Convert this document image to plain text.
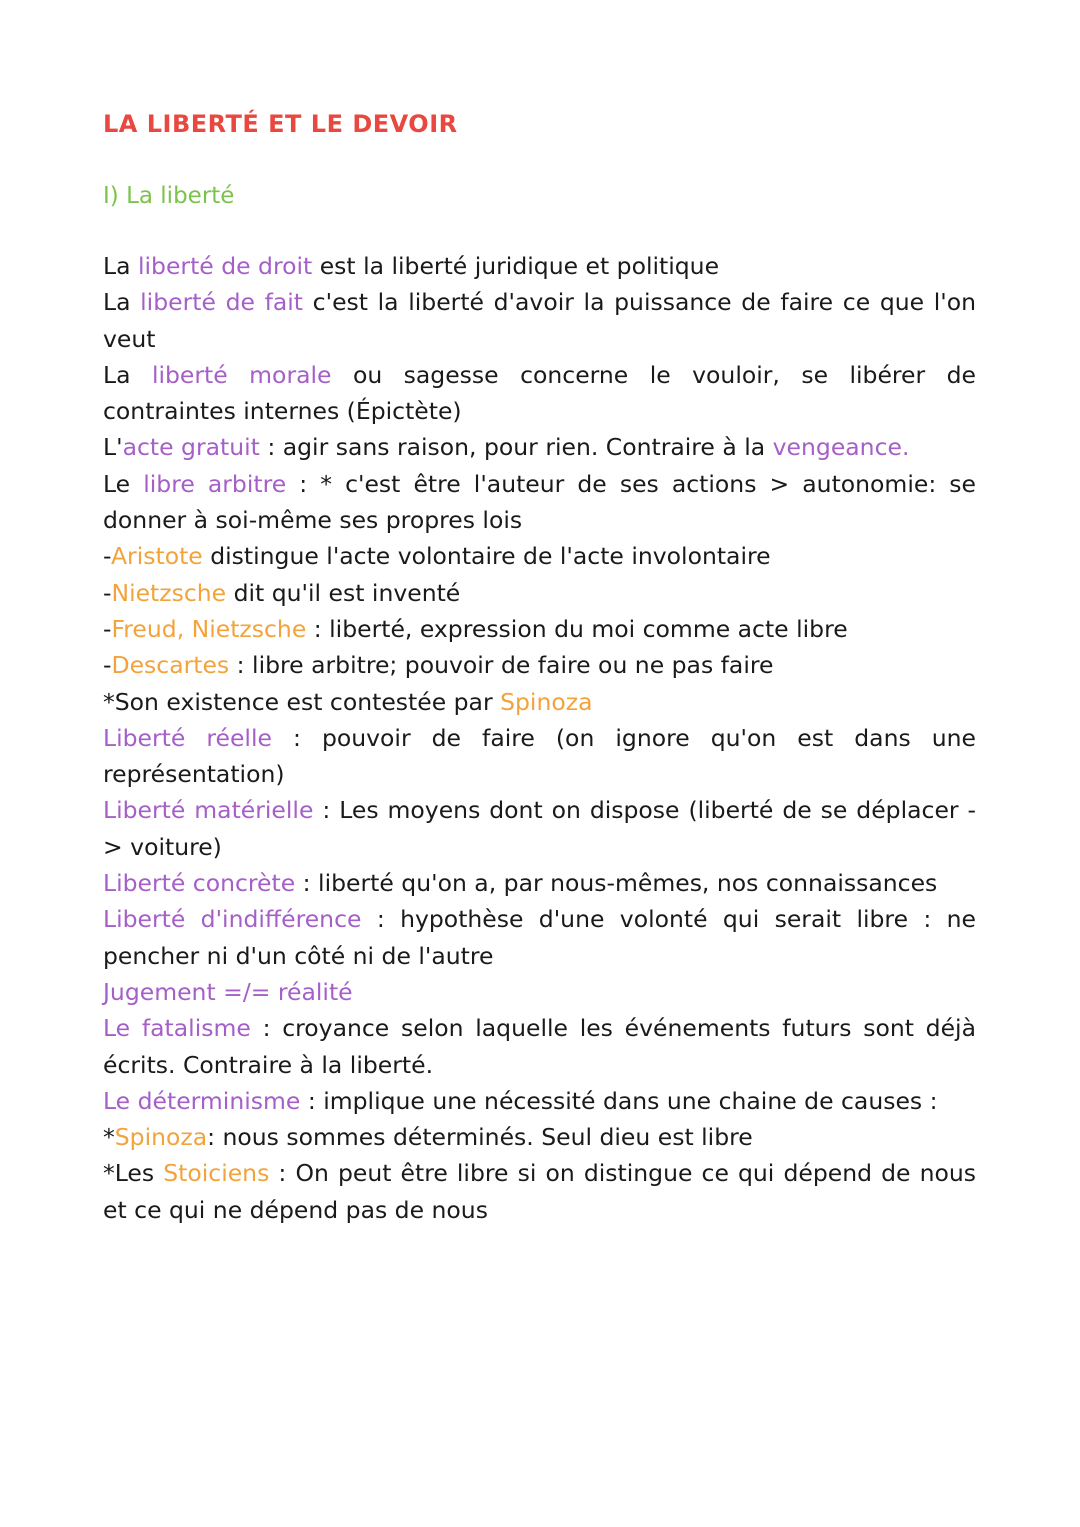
LA LIBERTÉ ET LE DEVOIR
I) La liberté
La liberté de droit est la liberté juridique et politique
La liberté de fait c'est la liberté d'avoir la puissance de faire ce que l'on veut
La liberté morale ou sagesse concerne le vouloir, se libérer de contraintes internes (Épictète)
L'acte gratuit : agir sans raison, pour rien. Contraire à la vengeance.
Le libre arbitre : * c'est être l'auteur de ses actions > autonomie: se donner à soi-même ses propres lois
-Aristote distingue l'acte volontaire de l'acte involontaire
-Nietzsche dit qu'il est inventé
-Freud, Nietzsche : liberté, expression du moi comme acte libre
-Descartes : libre arbitre; pouvoir de faire ou ne pas faire
*Son existence est contestée par Spinoza
Liberté réelle : pouvoir de faire (on ignore qu'on est dans une représentation)
Liberté matérielle : Les moyens dont on dispose (liberté de se déplacer -> voiture)
Liberté concrète : liberté qu'on a, par nous-mêmes, nos connaissances
Liberté d'indifférence : hypothèse d'une volonté qui serait libre : ne pencher ni d'un côté ni de l'autre
Jugement =/= réalité
Le fatalisme : croyance selon laquelle les événements futurs sont déjà écrits. Contraire à la liberté.
Le déterminisme : implique une nécessité dans une chaine de causes :
*Spinoza: nous sommes déterminés. Seul dieu est libre
*Les Stoiciens : On peut être libre si on distingue ce qui dépend de nous et ce qui ne dépend pas de nous
